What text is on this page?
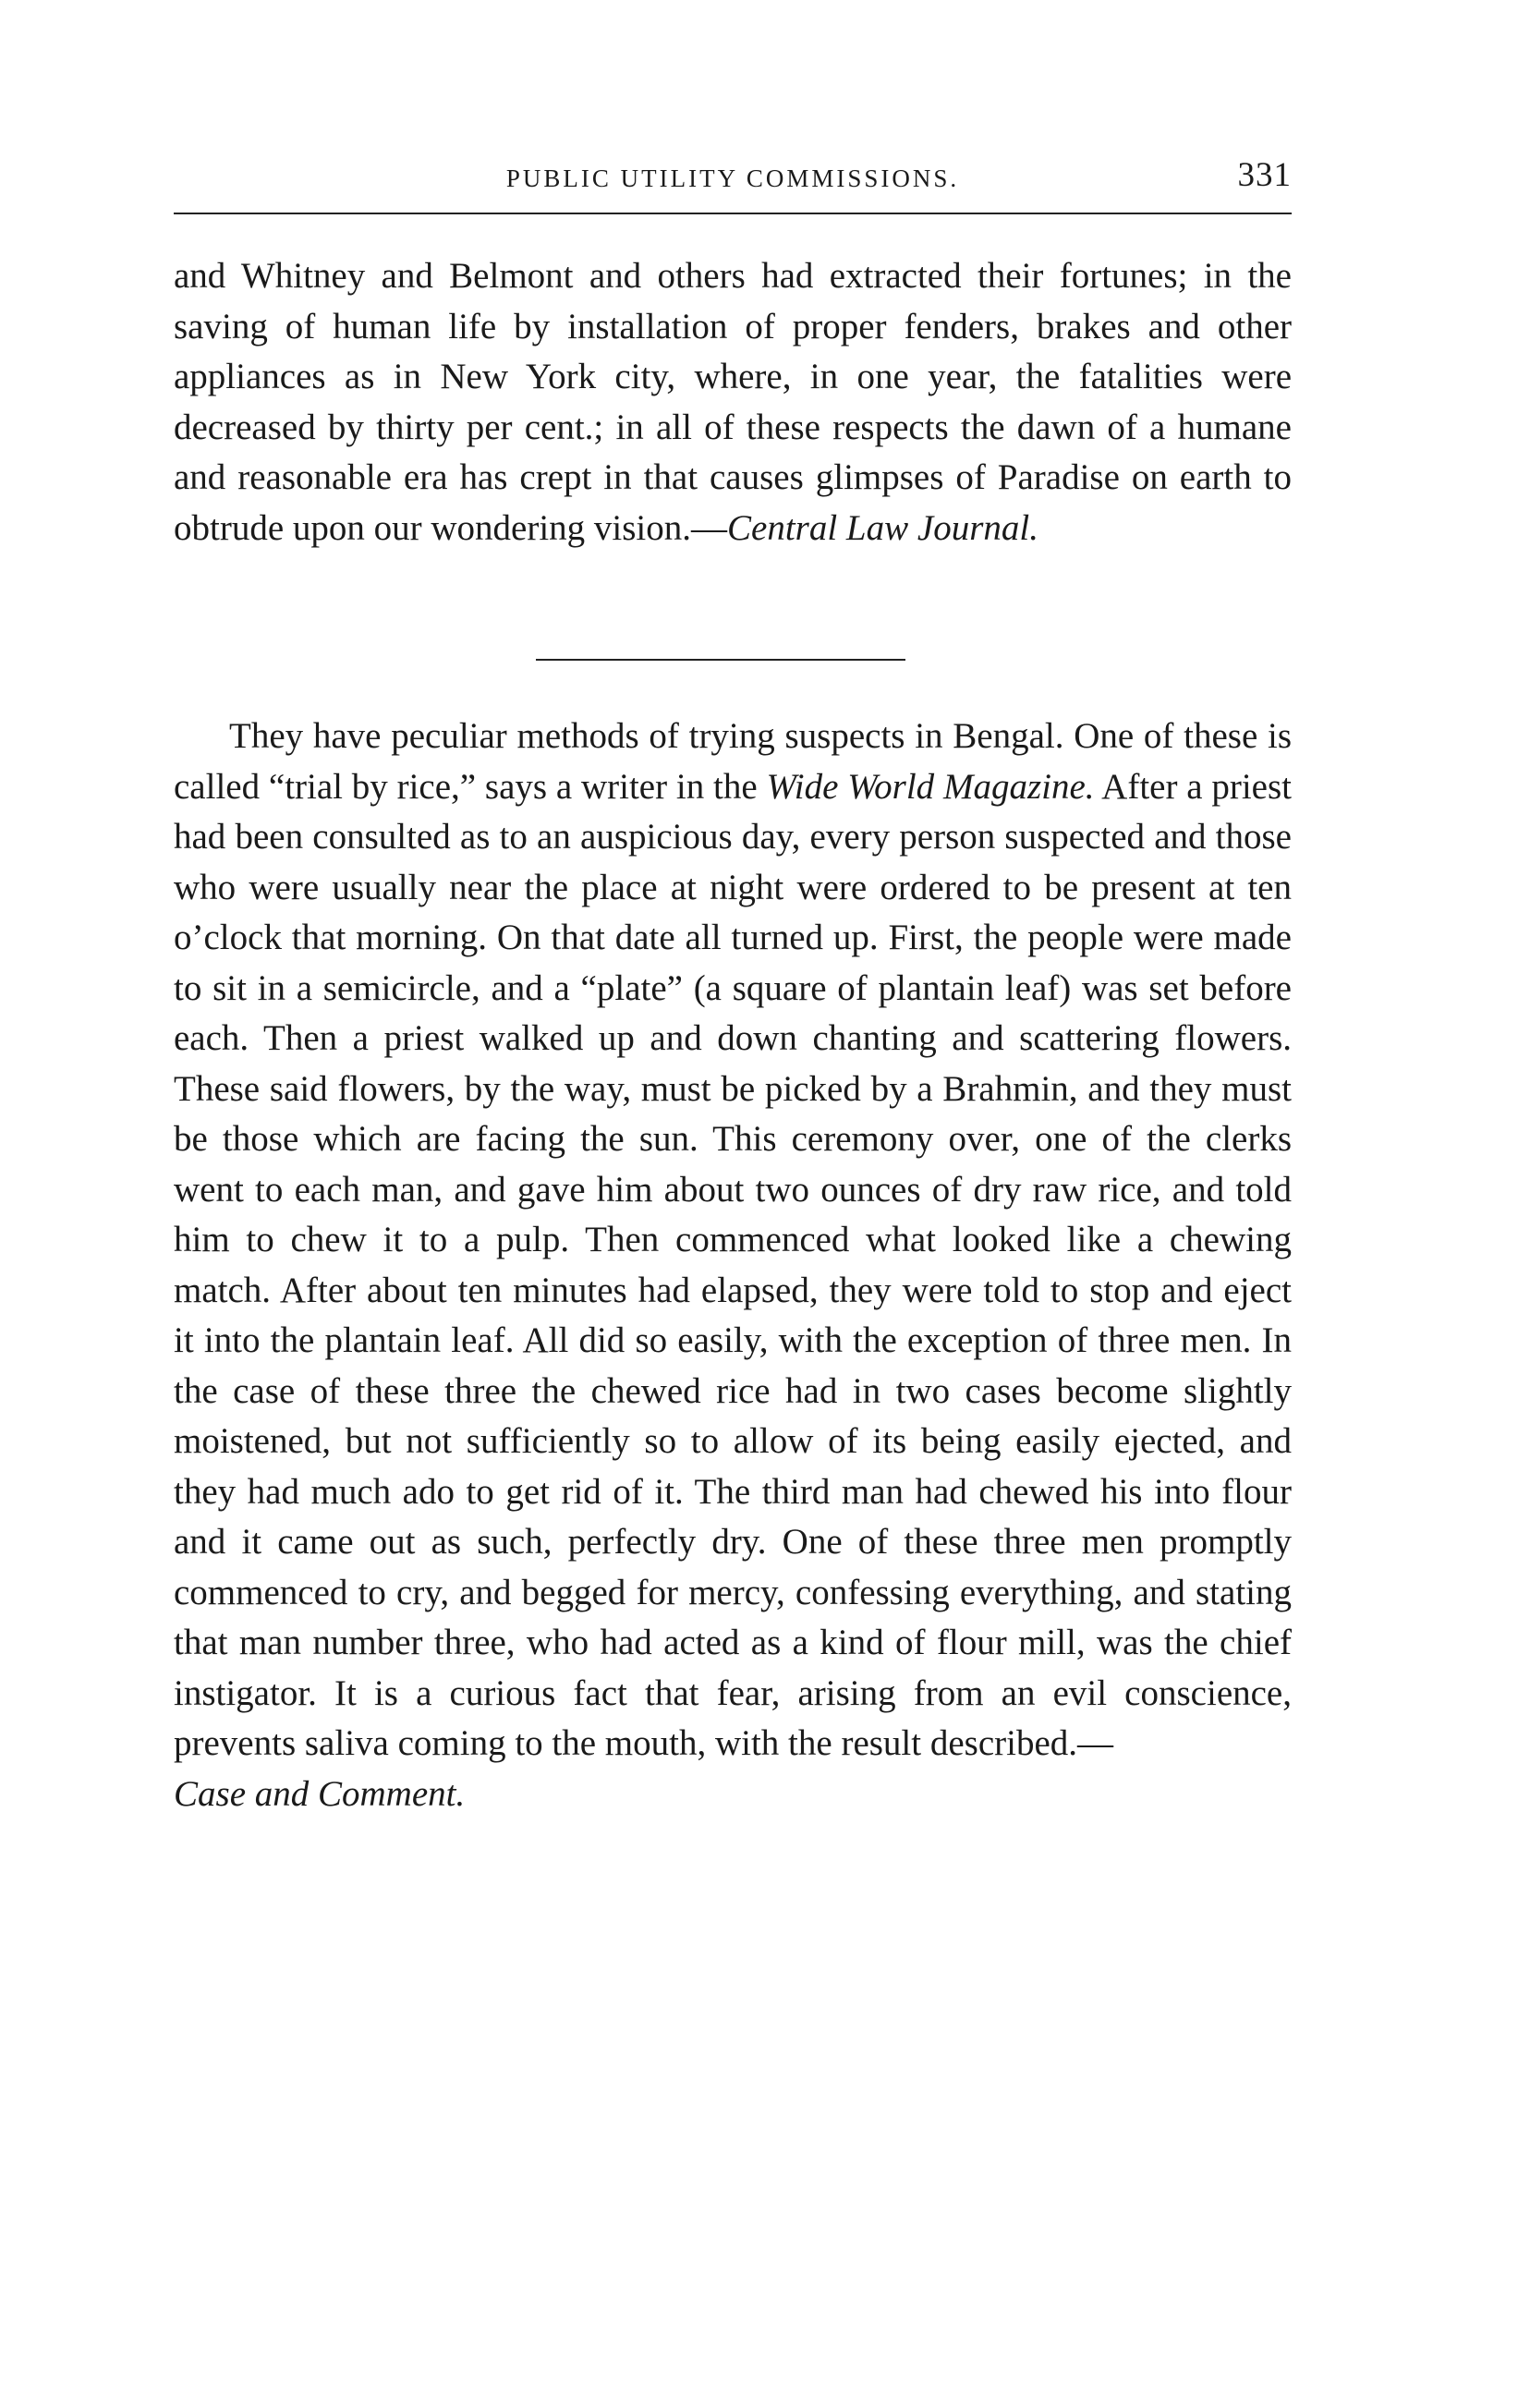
PUBLIC UTILITY COMMISSIONS.	331

and Whitney and Belmont and others had extracted their fortunes; in the saving of human life by installation of proper fenders, brakes and other appliances as in New York city, where, in one year, the fatalities were decreased by thirty per cent.; in all of these respects the dawn of a humane and reasonable era has crept in that causes glimpses of Paradise on earth to obtrude upon our wondering vision.—Central Law Journal.

They have peculiar methods of trying suspects in Bengal. One of these is called “trial by rice,” says a writer in the Wide World Magazine. After a priest had been consulted as to an auspicious day, every person suspected and those who were usually near the place at night were ordered to be present at ten o’clock that morning. On that date all turned up. First, the people were made to sit in a semicircle, and a “plate” (a square of plantain leaf) was set before each. Then a priest walked up and down chanting and scattering flowers. These said flowers, by the way, must be picked by a Brahmin, and they must be those which are facing the sun. This ceremony over, one of the clerks went to each man, and gave him about two ounces of dry raw rice, and told him to chew it to a pulp. Then commenced what looked like a chewing match. After about ten minutes had elapsed, they were told to stop and eject it into the plantain leaf. All did so easily, with the exception of three men. In the case of these three the chewed rice had in two cases become slightly moistened, but not sufficiently so to allow of its being easily ejected, and they had much ado to get rid of it. The third man had chewed his into flour and it came out as such, perfectly dry. One of these three men promptly commenced to cry, and begged for mercy, confessing everything, and stating that man number three, who had acted as a kind of flour mill, was the chief instigator. It is a curious fact that fear, arising from an evil conscience, prevents saliva coming to the mouth, with the result described.—
Case and Comment.
